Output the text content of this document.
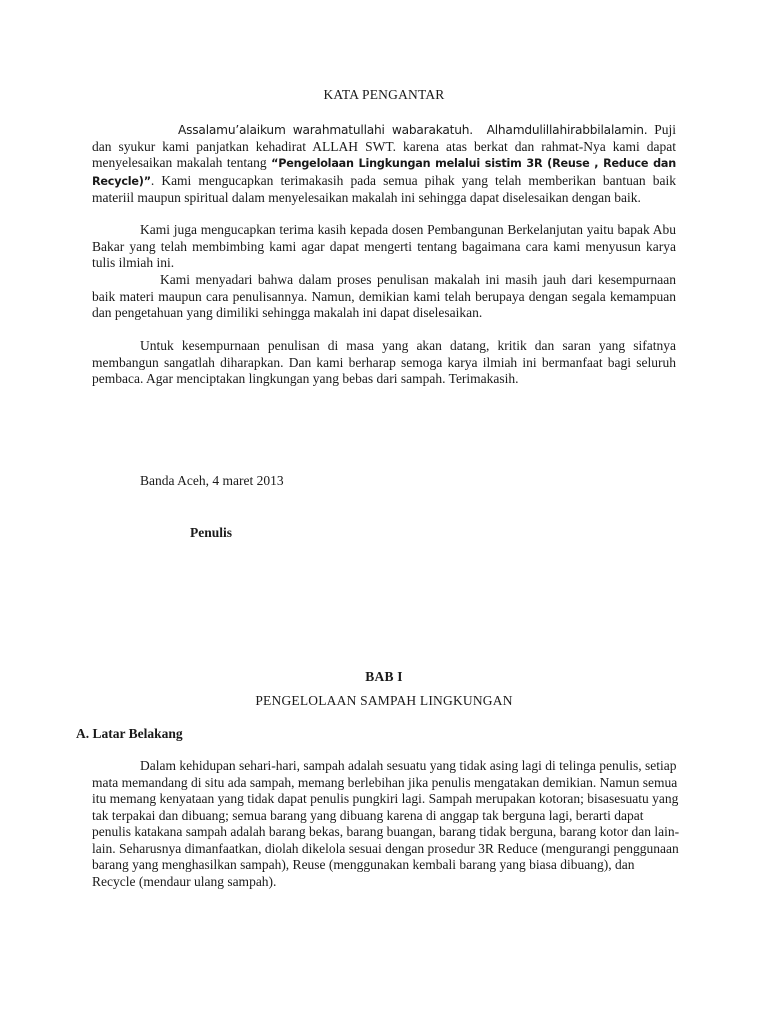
KATA PENGANTAR

Assalamu’alaikum warahmatullahi wabarakatuh. Alhamdulillahirabbilalamin. Puji dan syukur kami panjatkan kehadirat ALLAH SWT. karena atas berkat dan rahmat-Nya kami dapat menyelesaikan makalah tentang “Pengelolaan Lingkungan melalui sistim 3R (Reuse , Reduce dan Recycle)”. Kami mengucapkan terimakasih pada semua pihak yang telah memberikan bantuan baik materiil maupun spiritual dalam menyelesaikan makalah ini sehingga dapat diselesaikan dengan baik.

Kami juga mengucapkan terima kasih kepada dosen Pembangunan Berkelanjutan yaitu bapak Abu Bakar yang telah membimbing kami agar dapat mengerti tentang bagaimana cara kami menyusun karya tulis ilmiah ini.

Kami menyadari bahwa dalam proses penulisan makalah ini masih jauh dari kesempurnaan baik materi maupun cara penulisannya. Namun, demikian kami telah berupaya dengan segala kemampuan dan pengetahuan yang dimiliki sehingga makalah ini dapat diselesaikan.

Untuk kesempurnaan penulisan di masa yang akan datang, kritik dan saran yang sifatnya membangun sangatlah diharapkan. Dan kami berharap semoga karya ilmiah ini bermanfaat bagi seluruh pembaca. Agar menciptakan lingkungan yang bebas dari sampah. Terimakasih.

Banda Aceh, 4 maret 2013
Penulis
BAB I
PENGELOLAAN SAMPAH LINGKUNGAN
A. Latar Belakang

Dalam kehidupan sehari-hari, sampah adalah sesuatu yang tidak asing lagi di telinga penulis, setiap mata memandang di situ ada sampah, memang berlebihan jika penulis mengatakan demikian. Namun semua itu memang kenyataan yang tidak dapat penulis pungkiri lagi. Sampah merupakan kotoran; bisasesuatu yang tak terpakai dan dibuang; semua barang yang dibuang karena di anggap tak berguna lagi, berarti dapat penulis katakana sampah adalah barang bekas, barang buangan, barang tidak berguna, barang kotor dan lain-lain. Seharusnya dimanfaatkan, diolah dikelola sesuai dengan prosedur 3R Reduce (mengurangi penggunaan barang yang menghasilkan sampah), Reuse (menggunakan kembali barang yang biasa dibuang), dan Recycle (mendaur ulang sampah).
